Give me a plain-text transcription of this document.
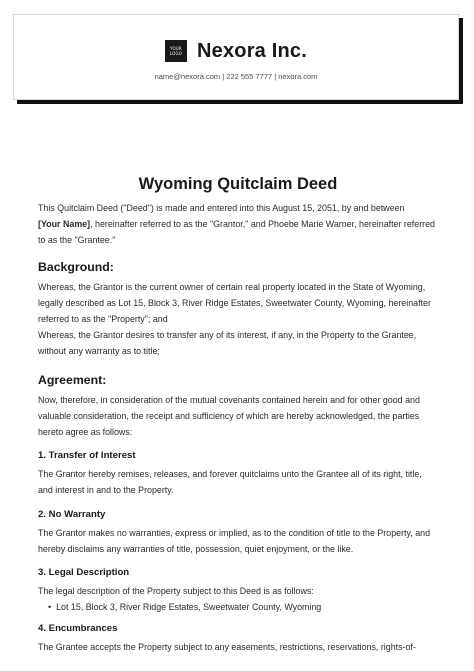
YOUR
LOGO Nexora Inc.
name@nexora.com | 222 555 7777 | nexora.com
Wyoming Quitclaim Deed

This Quitclaim Deed ("Deed") is made and entered into this August 15, 2051, by and between
[Your Name], hereinafter referred to as the "Grantor," and Phoebe Marie Warner, hereinafter referred to as the "Grantee."

Background:

Whereas, the Grantor is the current owner of certain real property located in the State of Wyoming, legally described as Lot 15, Block 3, River Ridge Estates, Sweetwater County, Wyoming, hereinafter referred to as the "Property"; and

Whereas, the Grantor desires to transfer any of its interest, if any, in the Property to the Grantee, without any warranty as to title;

Agreement:

Now, therefore, in consideration of the mutual covenants contained herein and for other good and valuable consideration, the receipt and sufficiency of which are hereby acknowledged, the parties hereto agree as follows:

1. Transfer of Interest

The Grantor hereby remises, releases, and forever quitclaims unto the Grantee all of its right, title, and interest in and to the Property.

2. No Warranty

The Grantor makes no warranties, express or implied, as to the condition of title to the Property, and hereby disclaims any warranties of title, possession, quiet enjoyment, or the like.

3. Legal Description

The legal description of the Property subject to this Deed is as follows:

• Lot 15, Block 3, River Ridge Estates, Sweetwater County, Wyoming
4. Encumbrances

The Grantee accepts the Property subject to any easements, restrictions, reservations, rights-of-
